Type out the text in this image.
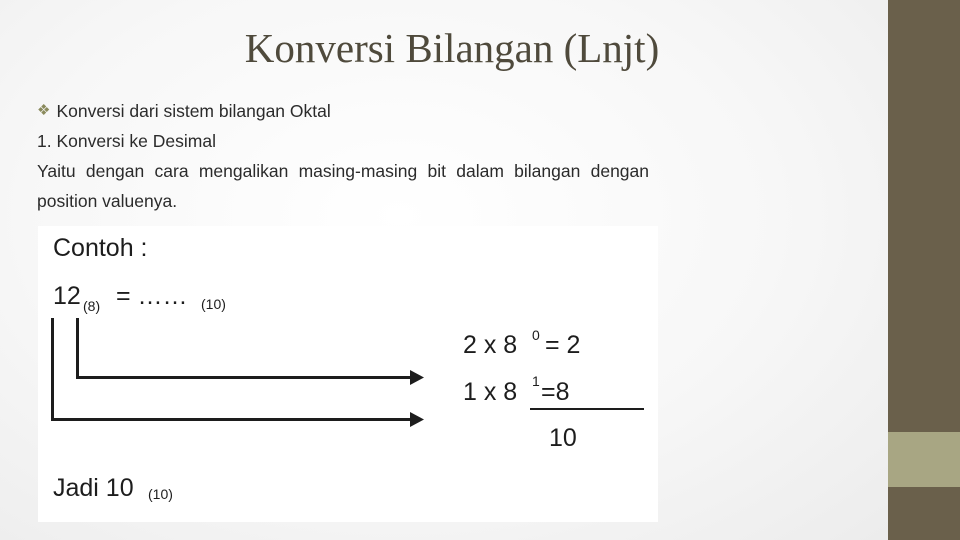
Konversi Bilangan (Lnjt)
❖ Konversi dari sistem bilangan Oktal
1. Konversi ke Desimal
Yaitu dengan cara mengalikan masing-masing bit dalam bilangan dengan position valuenya.
Contoh :
12 (8) = …… (10)
2 x 8 0 = 2
1 x 8 1 =8
10
Jadi 10 (10)
